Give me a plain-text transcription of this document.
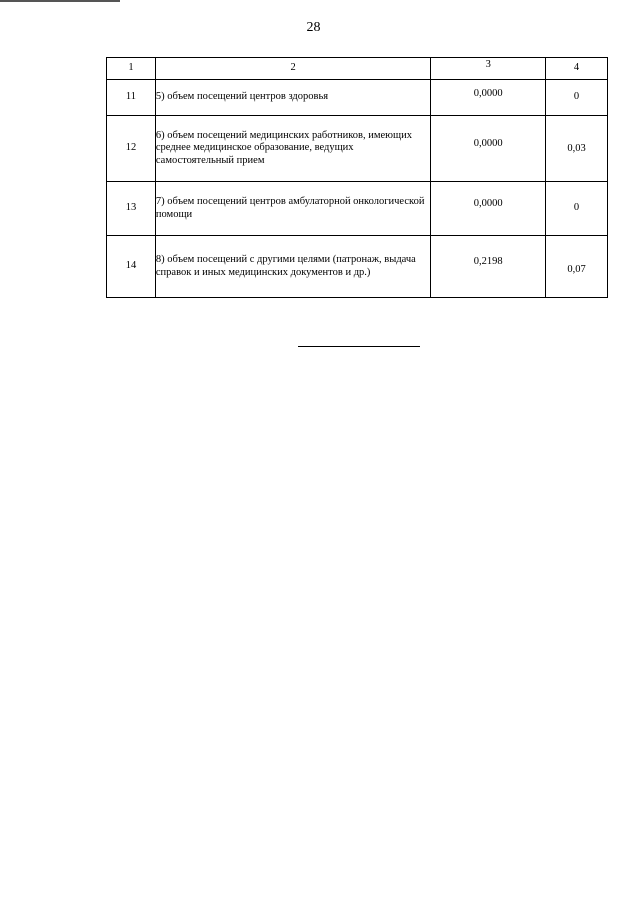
28
1	2	3	4
11	5) объем посещений центров здоровья	0,0000	0
12	6) объем посещений медицинских работников, имеющих среднее медицинское образование, ведущих самостоятельный прием	0,0000	0,03
13	7) объем посещений центров амбулаторной онкологической помощи	0,0000	0
14	8) объем посещений с другими целями (патронаж, выдача справок и иных медицинских документов и др.)	0,2198	0,07
